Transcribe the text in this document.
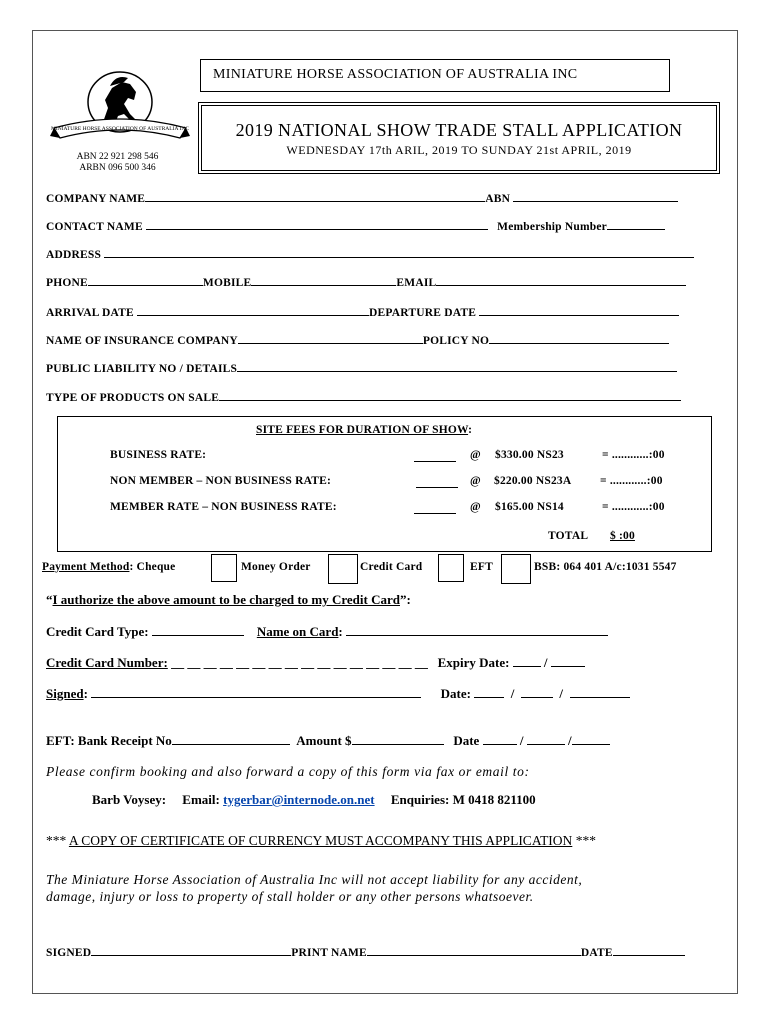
MINIATURE HORSE ASSOCIATION OF AUSTRALIA INC
ABN 22 921 298 546
ARBN 096 500 346
MINIATURE HORSE ASSOCIATION OF AUSTRALIA INC
2019 NATIONAL SHOW TRADE STALL APPLICATION
WEDNESDAY 17th ARIL, 2019 TO SUNDAY 21st APRIL, 2019
COMPANY NAME	ABN
CONTACT NAME	Membership Number
ADDRESS
PHONE	MOBILE	EMAIL
ARRIVAL DATE	DEPARTURE DATE
NAME OF INSURANCE COMPANY	POLICY NO
PUBLIC LIABILITY NO / DETAILS
TYPE OF PRODUCTS ON SALE
SITE FEES FOR DURATION OF SHOW:
BUSINESS RATE:	@ $330.00 NS23	= ............:00
NON MEMBER – NON BUSINESS RATE:	@ $220.00 NS23A = ............:00
MEMBER RATE – NON BUSINESS RATE:	@ $165.00 NS14	= ............:00
TOTAL $ :00
Payment Method: Cheque	Money Order	Credit Card	EFT	BSB: 064 401 A/c:1031 5547
“I authorize the above amount to be charged to my Credit Card”:
Credit Card Type:	Name on Card:
Credit Card Number: __ __ __ __ __ __ __ __ __ __ __ __ __ __ __ __ Expiry Date:  /
Signed:	Date:	/    /
EFT: Bank Receipt No	Amount $	Date	/	/
Please confirm booking and also forward a copy of this form via fax or email to:
Barb Voysey: Email: tygerbar@internode.on.net Enquiries: M 0418 821100
*** A COPY OF CERTIFICATE OF CURRENCY MUST ACCOMPANY THIS APPLICATION ***
The Miniature Horse Association of Australia Inc will not accept liability for any accident,
damage, injury or loss to property of stall holder or any other persons whatsoever.
SIGNED	PRINT NAME	DATE
